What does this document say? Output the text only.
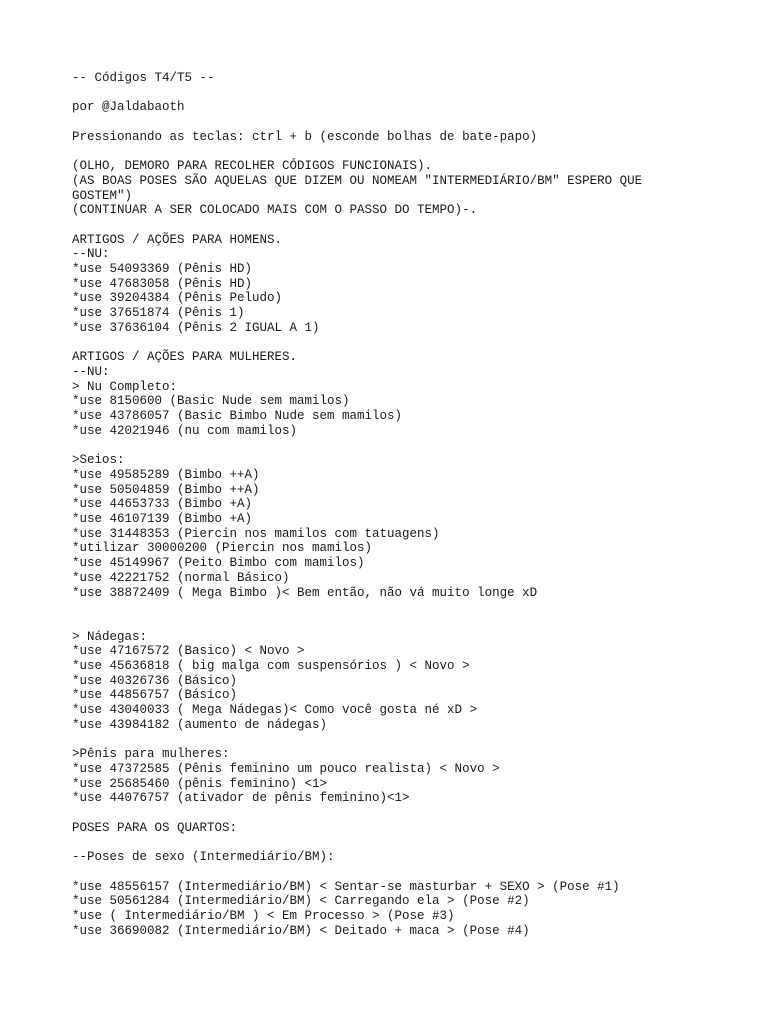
-- Códigos T4/T5 --
por @Jaldabaoth
Pressionando as teclas: ctrl + b (esconde bolhas de bate-papo)
(OLHO, DEMORO PARA RECOLHER CÓDIGOS FUNCIONAIS).
(AS BOAS POSES SÃO AQUELAS QUE DIZEM OU NOMEAM "INTERMEDIÁRIO/BM" ESPERO QUE
GOSTEM")
(CONTINUAR A SER COLOCADO MAIS COM O PASSO DO TEMPO)-.
ARTIGOS / AÇÕES PARA HOMENS.
--NU:
*use 54093369 (Pênis HD)
*use 47683058 (Pênis HD)
*use 39204384 (Pênis Peludo)
*use 37651874 (Pênis 1)
*use 37636104 (Pênis 2 IGUAL A 1)
ARTIGOS / AÇÕES PARA MULHERES.
--NU:
> Nu Completo:
*use 8150600 (Basic Nude sem mamilos)
*use 43786057 (Basic Bimbo Nude sem mamilos)
*use 42021946 (nu com mamilos)
>Seios:
*use 49585289 (Bimbo ++A)
*use 50504859 (Bimbo ++A)
*use 44653733 (Bimbo +A)
*use 46107139 (Bimbo +A)
*use 31448353 (Piercin nos mamilos com tatuagens)
*utilizar 30000200 (Piercin nos mamilos)
*use 45149967 (Peito Bimbo com mamilos)
*use 42221752 (normal Básico)
*use 38872409 ( Mega Bimbo )< Bem então, não vá muito longe xD
> Nádegas:
*use 47167572 (Basico) < Novo >
*use 45636818 ( big malga com suspensórios ) < Novo >
*use 40326736 (Básico)
*use 44856757 (Básico)
*use 43040033 ( Mega Nádegas)< Como você gosta né xD >
*use 43984182 (aumento de nádegas)
>Pênis para mulheres:
*use 47372585 (Pênis feminino um pouco realista) < Novo >
*use 25685460 (pênis feminino) <1>
*use 44076757 (ativador de pênis feminino)<1>
POSES PARA OS QUARTOS:
--Poses de sexo (Intermediário/BM):
*use 48556157 (Intermediário/BM) < Sentar-se masturbar + SEXO > (Pose #1)
*use 50561284 (Intermediário/BM) < Carregando ela > (Pose #2)
*use ( Intermediário/BM ) < Em Processo > (Pose #3)
*use 36690082 (Intermediário/BM) < Deitado + maca > (Pose #4)
